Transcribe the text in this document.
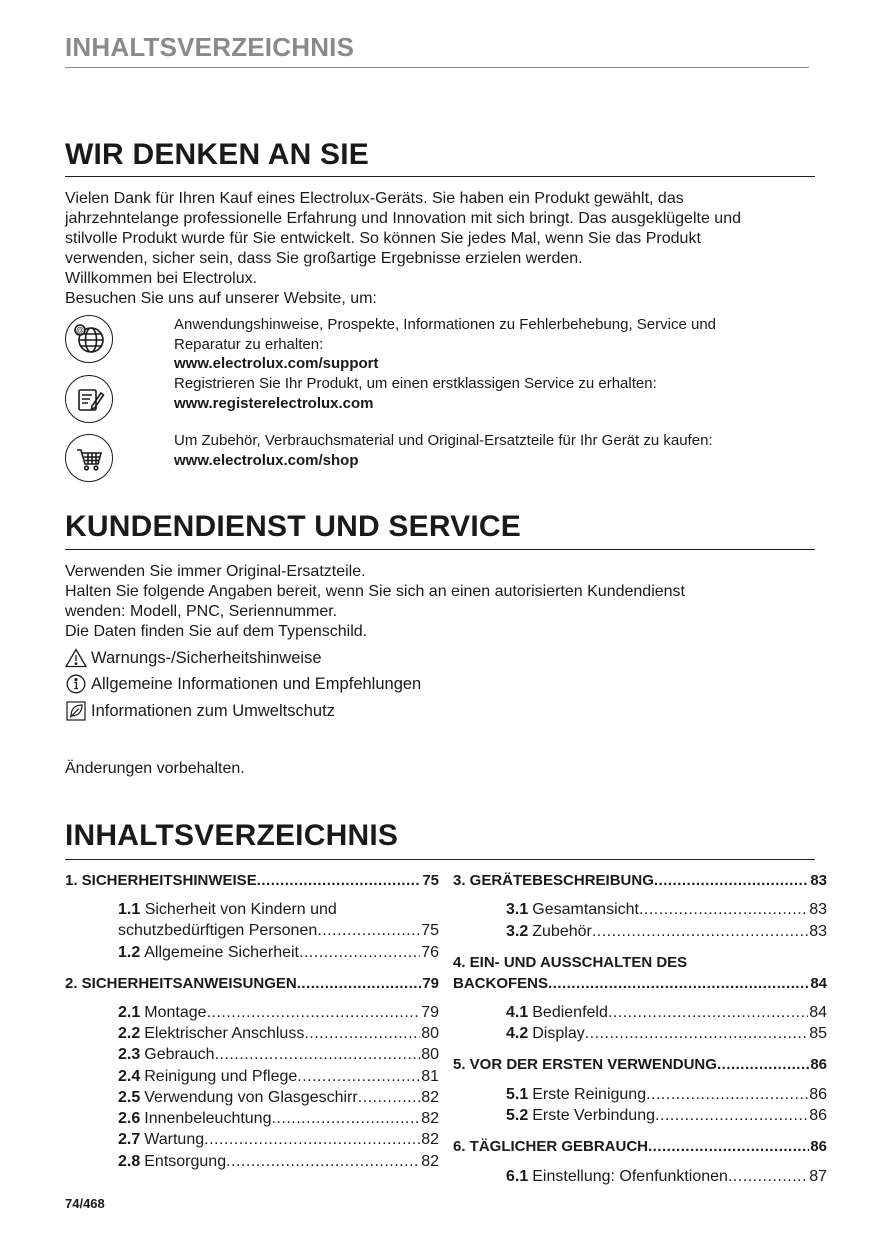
INHALTSVERZEICHNIS
WIR DENKEN AN SIE
Vielen Dank für Ihren Kauf eines Electrolux-Geräts. Sie haben ein Produkt gewählt, das
jahrzehntelange professionelle Erfahrung und Innovation mit sich bringt. Das ausgeklügelte und
stilvolle Produkt wurde für Sie entwickelt. So können Sie jedes Mal, wenn Sie das Produkt
verwenden, sicher sein, dass Sie großartige Ergebnisse erzielen werden.
Willkommen bei Electrolux.
Besuchen Sie uns auf unserer Website, um:
@	Anwendungshinweise, Prospekte, Informationen zu Fehlerbehebung, Service und
Reparatur zu erhalten:
www.electrolux.com/support
Registrieren Sie Ihr Produkt, um einen erstklassigen Service zu erhalten:
www.registerelectrolux.com
Um Zubehör, Verbrauchsmaterial und Original-Ersatzteile für Ihr Gerät zu kaufen:
www.electrolux.com/shop
KUNDENDIENST UND SERVICE
Verwenden Sie immer Original-Ersatzteile.
Halten Sie folgende Angaben bereit, wenn Sie sich an einen autorisierten Kundendienst
wenden: Modell, PNC, Seriennummer.
Die Daten finden Sie auf dem Typenschild.
Warnungs-/Sicherheitshinweise
Allgemeine Informationen und Empfehlungen
Informationen zum Umweltschutz
Änderungen vorbehalten.
INHALTSVERZEICHNIS
1. SICHERHEITSHINWEISE .....	75
1.1 Sicherheit von Kindern und
schutzbedürftigen Personen .....	75
1.2 Allgemeine Sicherheit .....	76
2. SICHERHEITSANWEISUNGEN .....	79
2.1 Montage .....	79
2.2 Elektrischer Anschluss .....	80
2.3 Gebrauch .....	80
2.4 Reinigung und Pflege .....	81
2.5 Verwendung von Glasgeschirr .....	82
2.6 Innenbeleuchtung .....	82
2.7 Wartung .....	82
2.8 Entsorgung .....	82
3. GERÄTEBESCHREIBUNG .....	83
3.1 Gesamtansicht .....	83
3.2 Zubehör .....	83
4. EIN- UND AUSSCHALTEN DES
BACKOFENS .....	84
4.1 Bedienfeld .....	84
4.2 Display .....	85
5. VOR DER ERSTEN VERWENDUNG .....	86
5.1 Erste Reinigung .....	86
5.2 Erste Verbindung .....	86
6. TÄGLICHER GEBRAUCH .....	86
6.1 Einstellung: Ofenfunktionen .....	87
74/468
